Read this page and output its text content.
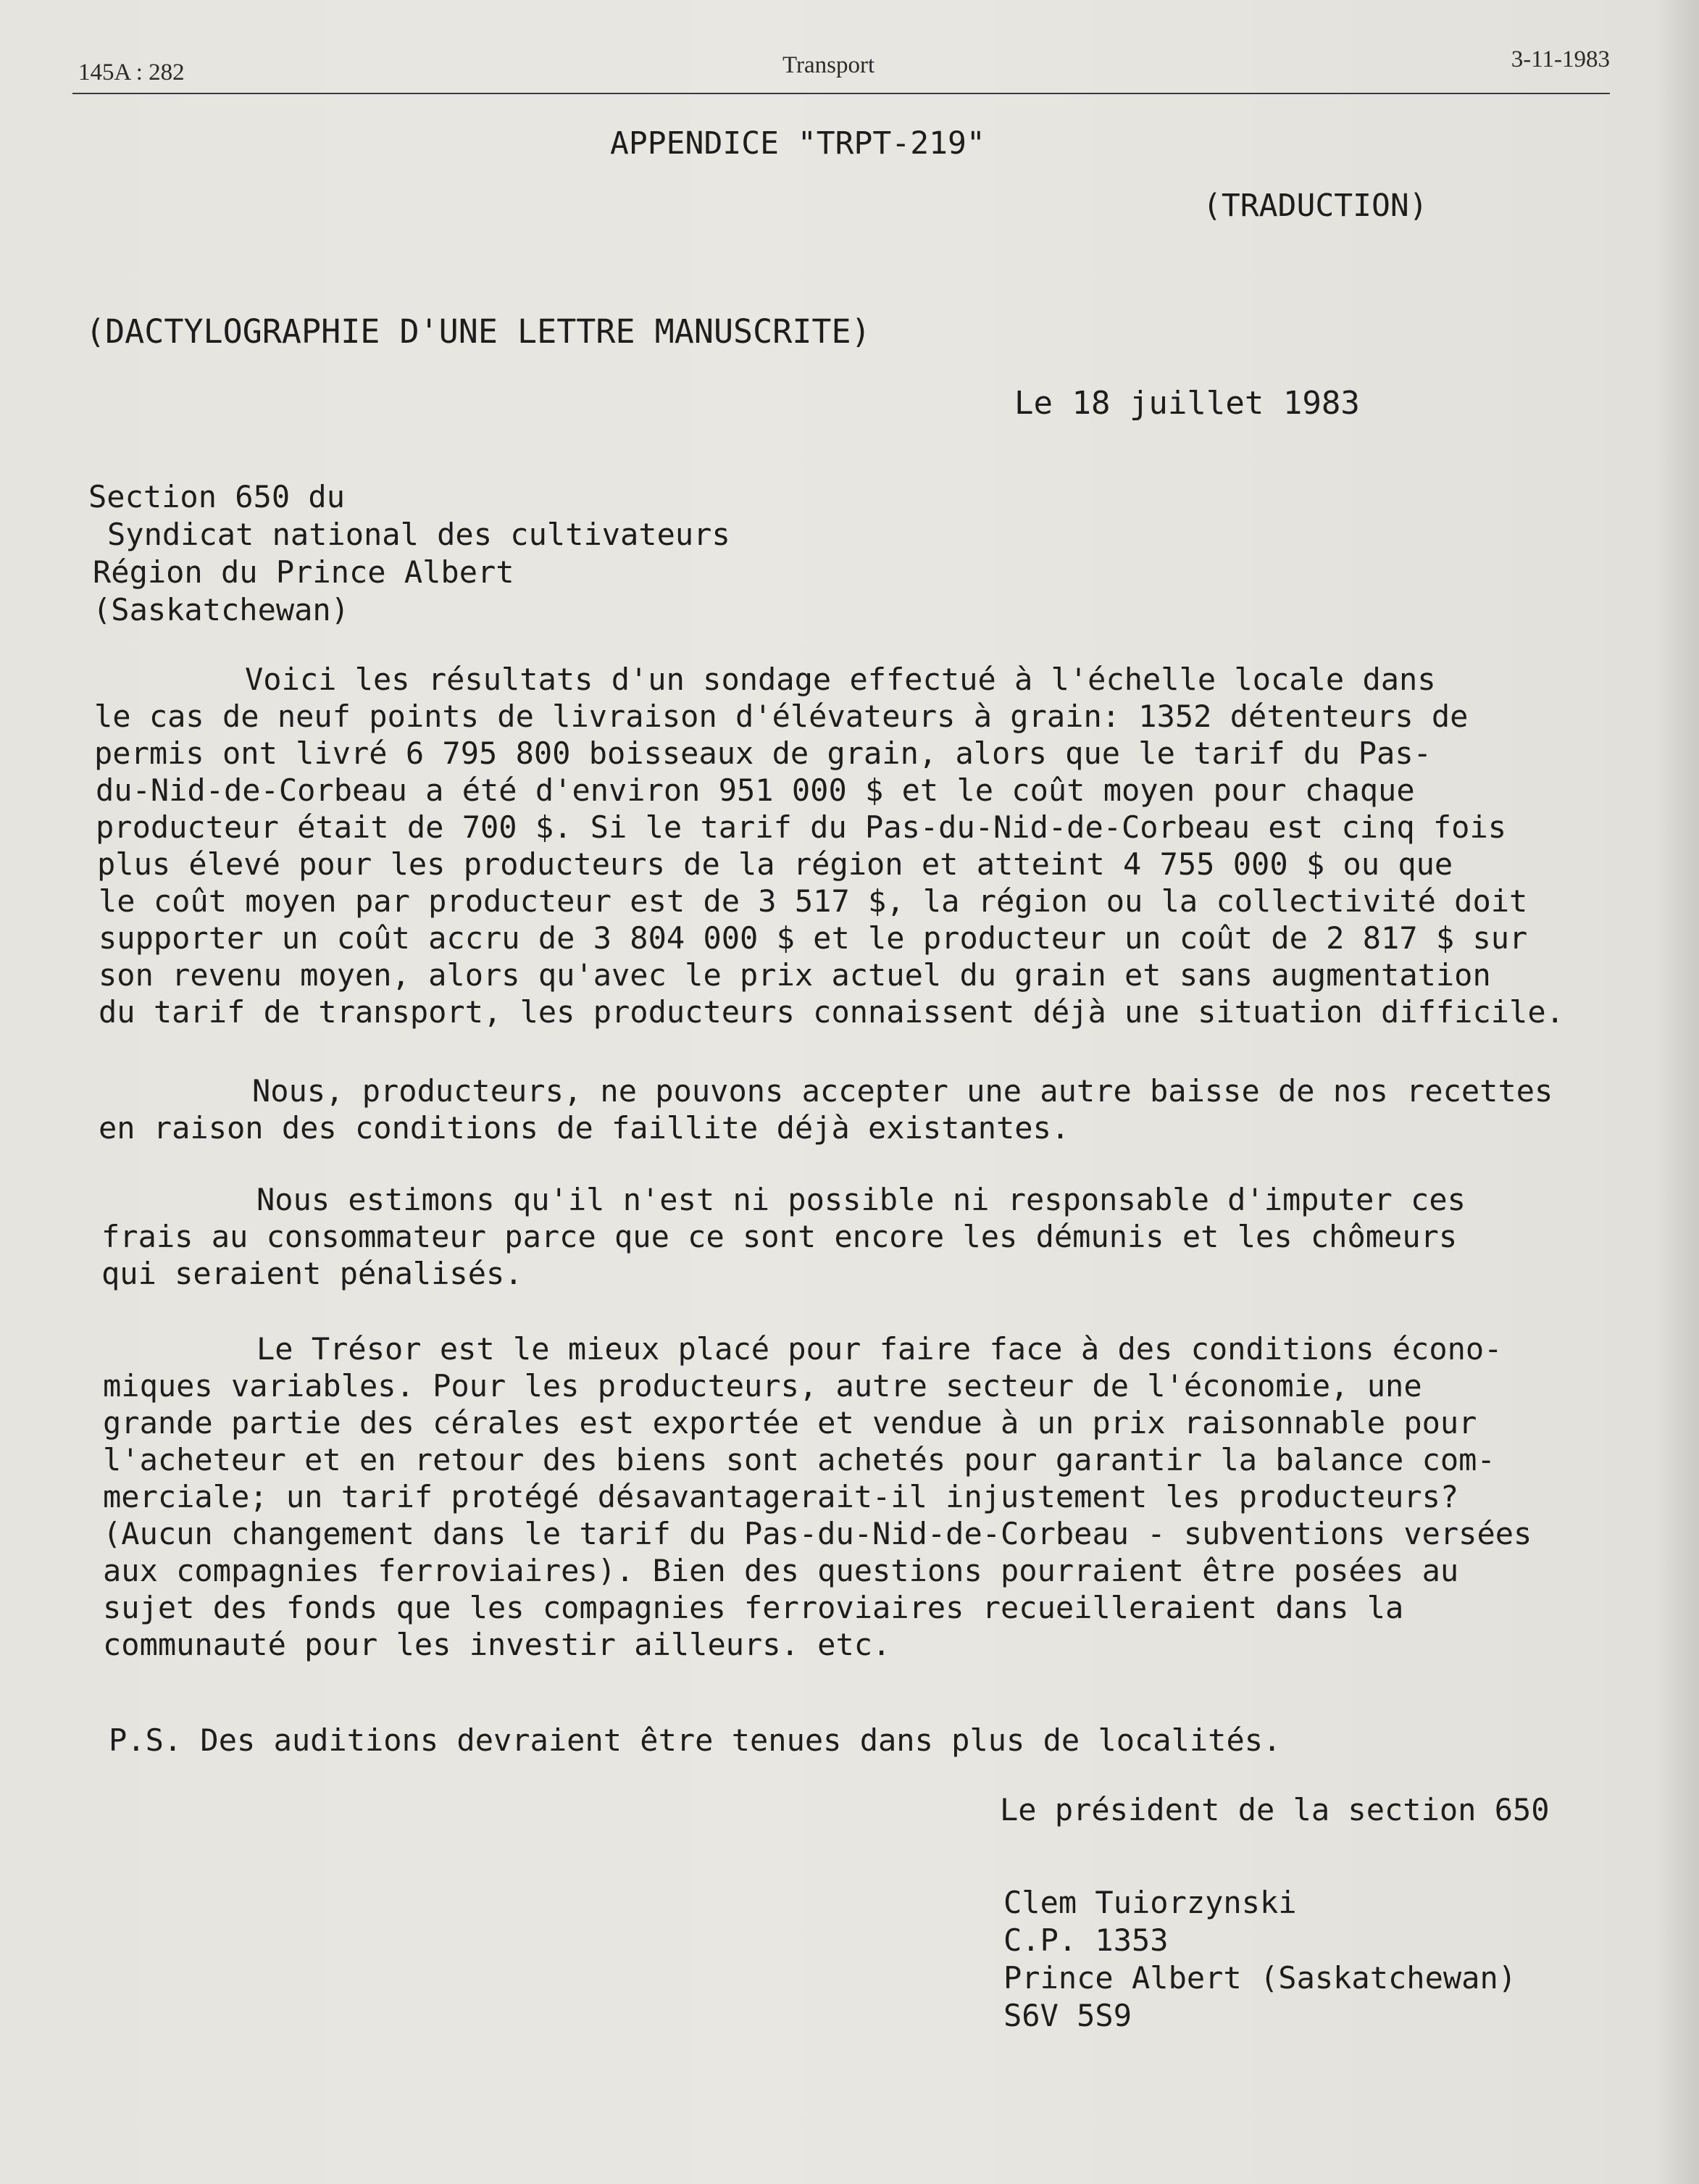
145A : 282	Transport	3-11-1983
APPENDICE "TRPT-219"
(TRADUCTION)
(DACTYLOGRAPHIE D'UNE LETTRE MANUSCRITE)
Le 18 juillet 1983
Section 650 du
Syndicat national des cultivateurs
Région du Prince Albert
(Saskatchewan)
Voici les résultats d'un sondage effectué à l'échelle locale dans
le cas de neuf points de livraison d'élévateurs à grain: 1352 détenteurs de
permis ont livré 6 795 800 boisseaux de grain, alors que le tarif du Pas-
du-Nid-de-Corbeau a été d'environ 951 000 $ et le coût moyen pour chaque
producteur était de 700 $. Si le tarif du Pas-du-Nid-de-Corbeau est cinq fois
plus élevé pour les producteurs de la région et atteint 4 755 000 $ ou que
le coût moyen par producteur est de 3 517 $, la région ou la collectivité doit
supporter un coût accru de 3 804 000 $ et le producteur un coût de 2 817 $ sur
son revenu moyen, alors qu'avec le prix actuel du grain et sans augmentation
du tarif de transport, les producteurs connaissent déjà une situation difficile.
Nous, producteurs, ne pouvons accepter une autre baisse de nos recettes
en raison des conditions de faillite déjà existantes.
Nous estimons qu'il n'est ni possible ni responsable d'imputer ces
frais au consommateur parce que ce sont encore les démunis et les chômeurs
qui seraient pénalisés.
Le Trésor est le mieux placé pour faire face à des conditions écono-
miques variables. Pour les producteurs, autre secteur de l'économie, une
grande partie des cérales est exportée et vendue à un prix raisonnable pour
l'acheteur et en retour des biens sont achetés pour garantir la balance com-
merciale; un tarif protégé désavantagerait-il injustement les producteurs?
(Aucun changement dans le tarif du Pas-du-Nid-de-Corbeau - subventions versées
aux compagnies ferroviaires). Bien des questions pourraient être posées au
sujet des fonds que les compagnies ferroviaires recueilleraient dans la
communauté pour les investir ailleurs. etc.
P.S. Des auditions devraient être tenues dans plus de localités.
Le président de la section 650
Clem Tuiorzynski
C.P. 1353
Prince Albert (Saskatchewan)
S6V 5S9
